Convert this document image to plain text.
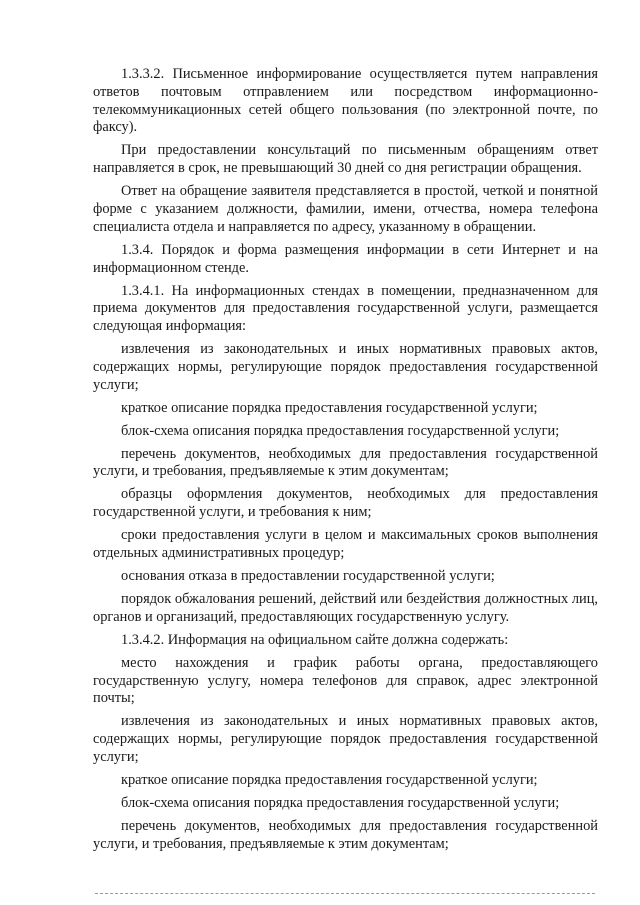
1.3.3.2. Письменное информирование осуществляется путем направления ответов почтовым отправлением или посредством информационно-телекоммуникационных сетей общего пользования (по электронной почте, по факсу).

При предоставлении консультаций по письменным обращениям ответ направляется в срок, не превышающий 30 дней со дня регистрации обращения.

Ответ на обращение заявителя представляется в простой, четкой и понятной форме с указанием должности, фамилии, имени, отчества, номера телефона специалиста отдела и направляется по адресу, указанному в обращении.

1.3.4. Порядок и форма размещения информации в сети Интернет и на информационном стенде.

1.3.4.1. На информационных стендах в помещении, предназначенном для приема документов для предоставления государственной услуги, размещается следующая информация:

извлечения из законодательных и иных нормативных правовых актов, содержащих нормы, регулирующие порядок предоставления государственной услуги;

краткое описание порядка предоставления государственной услуги;

блок-схема описания порядка предоставления государственной услуги;

перечень документов, необходимых для предоставления государственной услуги, и требования, предъявляемые к этим документам;

образцы оформления документов, необходимых для предоставления государственной услуги, и требования к ним;

сроки предоставления услуги в целом и максимальных сроков выполнения отдельных административных процедур;

основания отказа в предоставлении государственной услуги;

порядок обжалования решений, действий или бездействия должностных лиц, органов и организаций, предоставляющих государственную услугу.

1.3.4.2. Информация на официальном сайте должна содержать:

место нахождения и график работы органа, предоставляющего государственную услугу, номера телефонов для справок, адрес электронной почты;

извлечения из законодательных и иных нормативных правовых актов, содержащих нормы, регулирующие порядок предоставления государственной услуги;

краткое описание порядка предоставления государственной услуги;

блок-схема описания порядка предоставления государственной услуги;

перечень документов, необходимых для предоставления государственной услуги, и требования, предъявляемые к этим документам;
